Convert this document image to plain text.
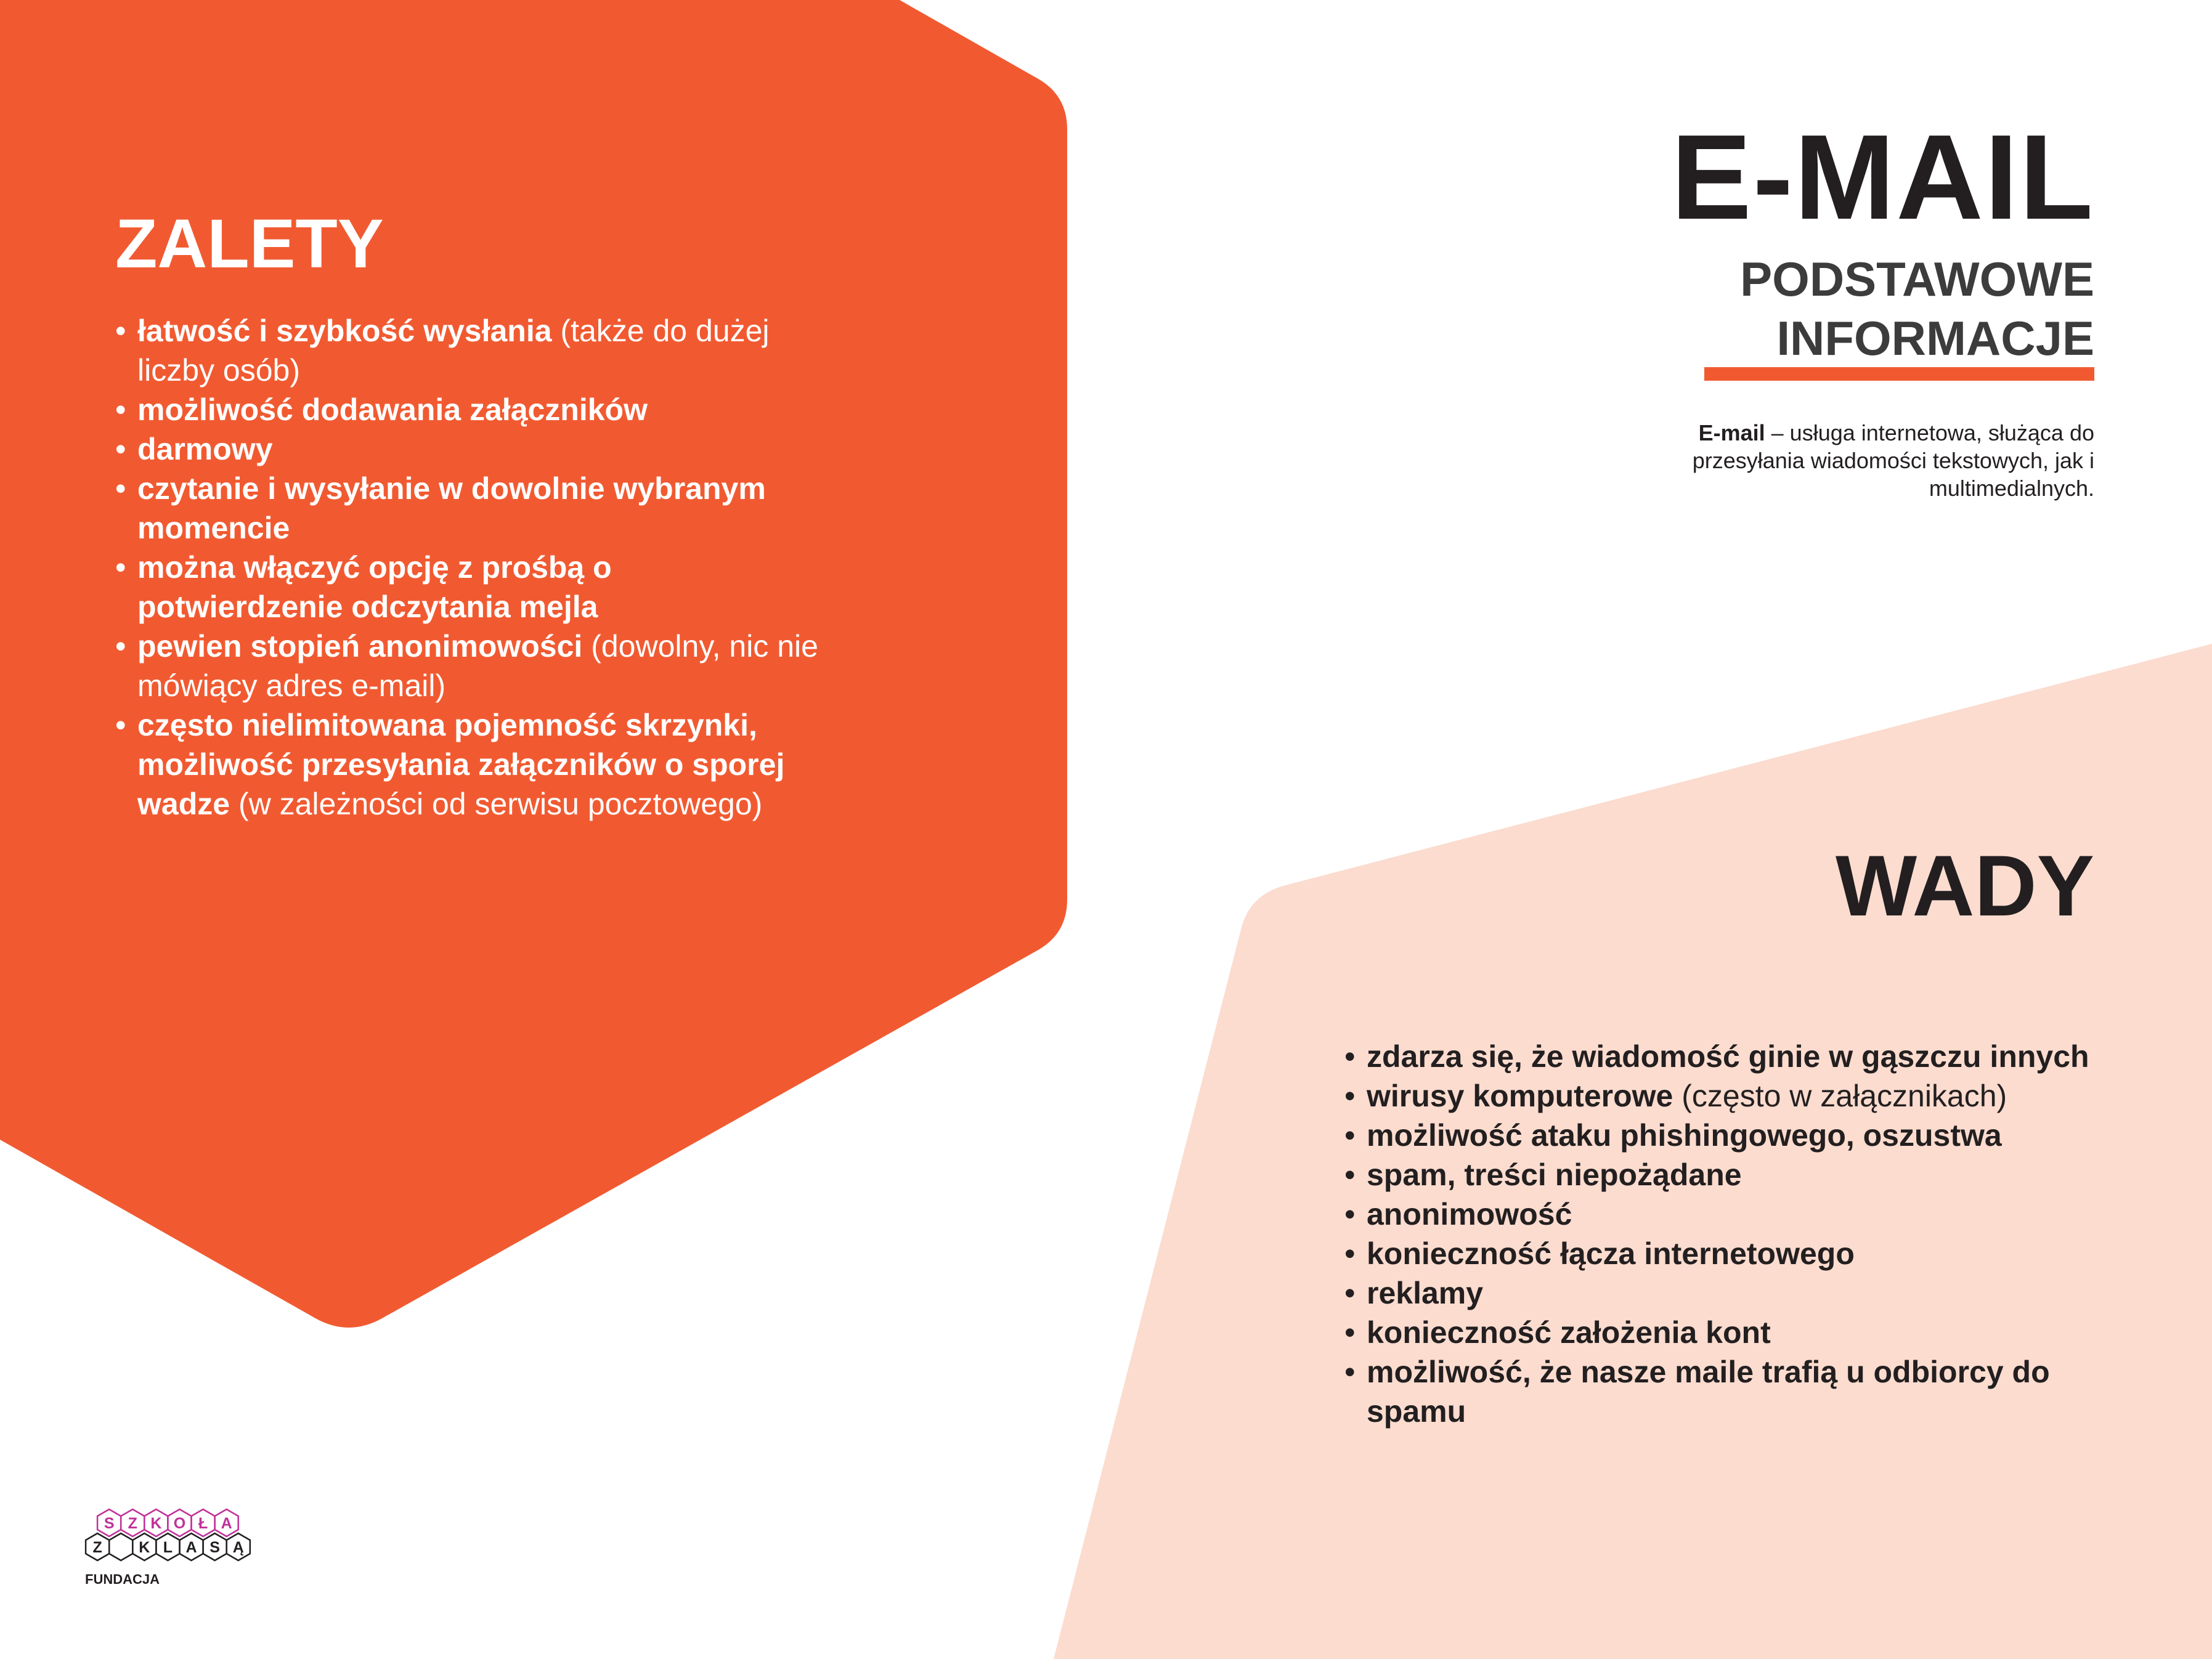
E-MAIL
PODSTAWOWE
INFORMACJE
E-mail – usługa internetowa, służąca do przesyłania wiadomości tekstowych, jak i multimedialnych.
ZALETY
• łatwość i szybkość wysłania (także do dużej liczby osób)
• możliwość dodawania załączników
• darmowy
• czytanie i wysyłanie w dowolnie wybranym momencie
• można włączyć opcję z prośbą o potwierdzenie odczytania mejla
• pewien stopień anonimowości (dowolny, nic nie mówiący adres e-mail)
• często nielimitowana pojemność skrzynki, możliwość przesyłania załączników o sporej wadze (w zależności od serwisu pocztowego)
WADY
• zdarza się, że wiadomość ginie w gąszczu innych
• wirusy komputerowe (często w załącznikach)
• możliwość ataku phishingowego, oszustwa
• spam, treści niepożądane
• anonimowość
• konieczność łącza internetowego
• reklamy
• konieczność założenia kont
• możliwość, że nasze maile trafią u odbiorcy do spamu
S Z K O Ł A
Z K L A S Ą
FUNDACJA
